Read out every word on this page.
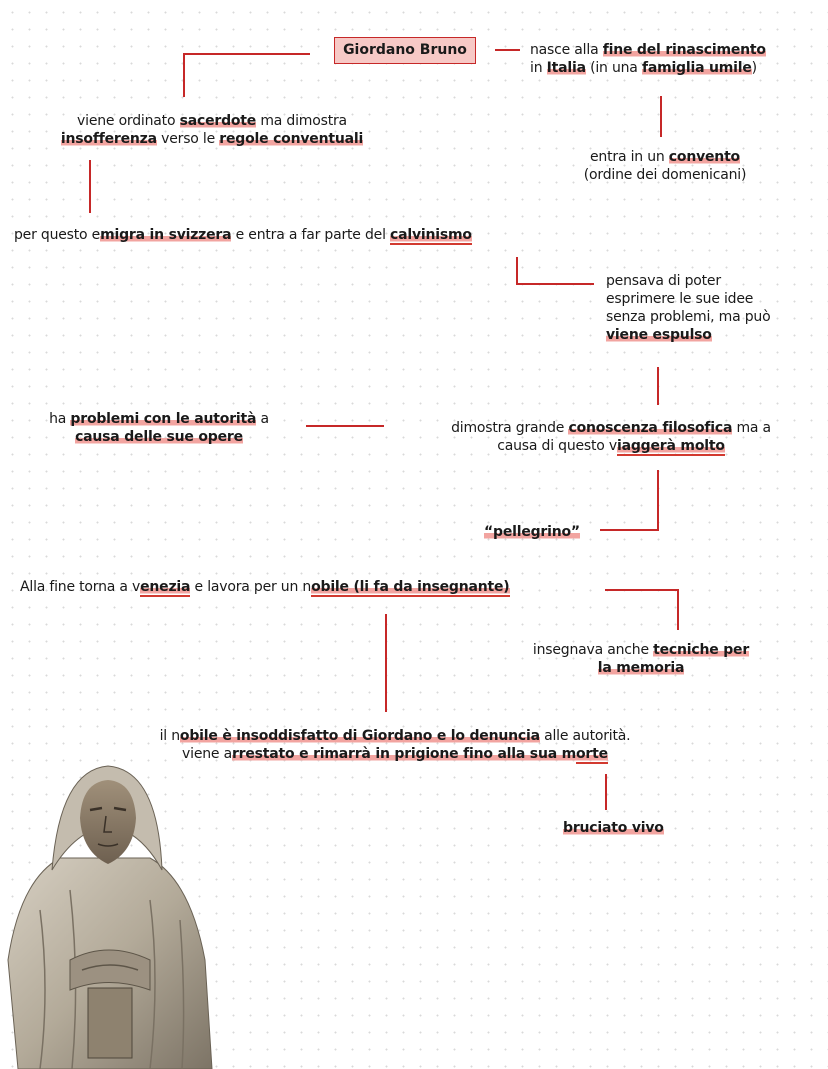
Giordano Bruno	nasce alla fine del rinascimento
in Italia (in una famiglia umile)
viene ordinato sacerdote ma dimostra
insofferenza verso le regole conventuali
entra in un convento
(ordine dei domenicani)
per questo emigra in svizzera e entra a far parte del calvinismo
pensava di poter
esprimere le sue idee
senza problemi, ma può
viene espulso
ha problemi con le autorità a
causa delle sue opere
dimostra grande conoscenza filosofica ma a
causa di questo viaggerà molto
“pellegrino”
Alla fine torna a venezia e lavora per un nobile (li fa da insegnante)
insegnava anche tecniche per
la memoria
il nobile è insoddisfatto di Giordano e lo denuncia alle autorità.
viene arrestato e rimarrà in prigione fino alla sua morte
bruciato vivo
